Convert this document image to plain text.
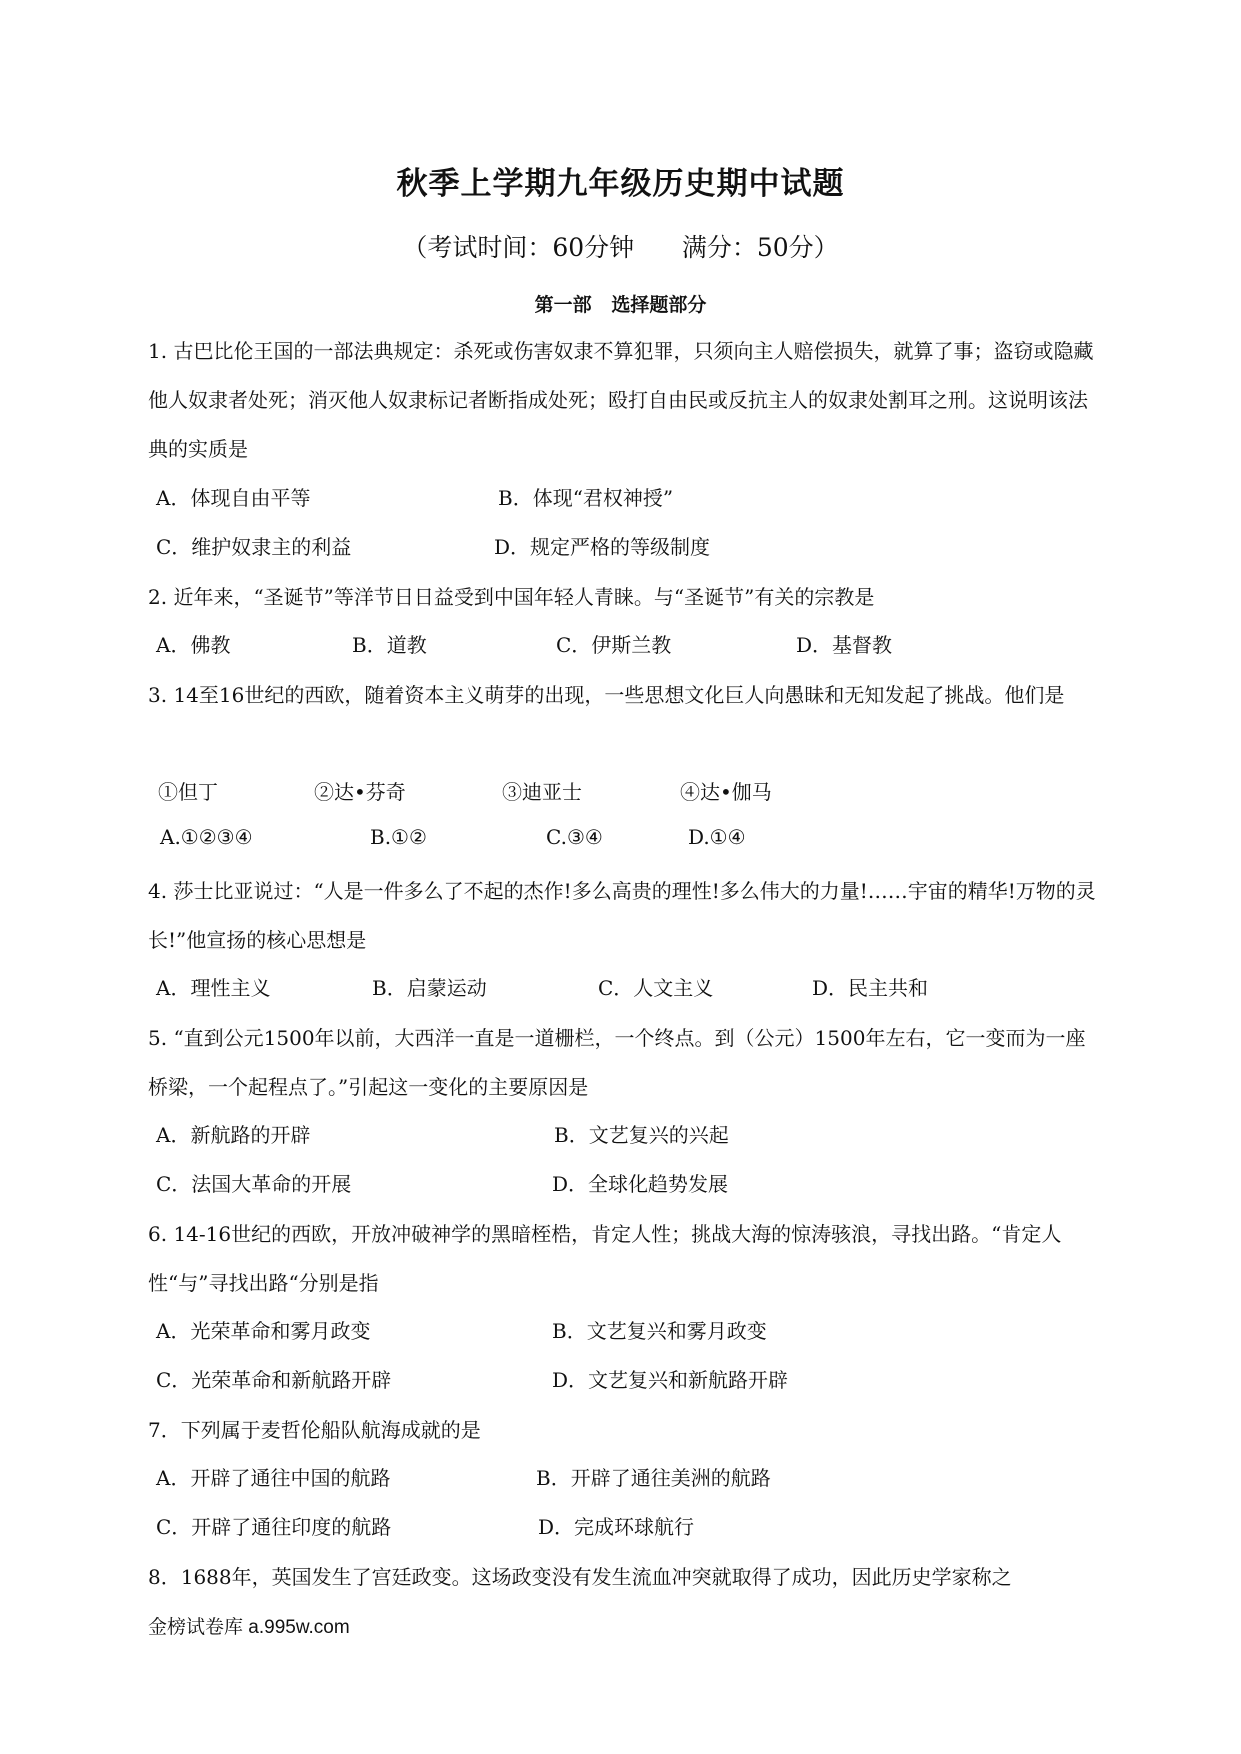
秋季上学期九年级历史期中试题
（考试时间：60分钟      满分：50分）
第一部   选择题部分
1. 古巴比伦王国的一部法典规定：杀死或伤害奴隶不算犯罪，只须向主人赔偿损失，就算了事；盗窃或隐藏他人奴隶者处死；消灭他人奴隶标记者断指成处死；殴打自由民或反抗主人的奴隶处割耳之刑。这说明该法典的实质是
A．体现自由平等	B．体现“君权神授”
C．维护奴隶主的利益	D．规定严格的等级制度
2. 近年来，“圣诞节”等洋节日日益受到中国年轻人青睐。与“圣诞节”有关的宗教是
A．佛教	B．道教	C．伊斯兰教	D．基督教
3. 14至16世纪的西欧，随着资本主义萌芽的出现，一些思想文化巨人向愚昧和无知发起了挑战。他们是
①但丁	②达•芬奇	③迪亚士	④达•伽马
A.①②③④	B.①②	C.③④	D.①④
4. 莎士比亚说过：“人是一件多么了不起的杰作!多么高贵的理性!多么伟大的力量!……宇宙的精华!万物的灵长!”他宣扬的核心思想是
A．理性主义	B．启蒙运动	C．人文主义	D．民主共和
5. “直到公元1500年以前，大西洋一直是一道栅栏，一个终点。到（公元）1500年左右，它一变而为一座桥梁，一个起程点了。”引起这一变化的主要原因是
A．新航路的开辟	B．文艺复兴的兴起
C．法国大革命的开展	D．全球化趋势发展
6. 14-16世纪的西欧，开放冲破神学的黑暗桎梏，肯定人性；挑战大海的惊涛骇浪，寻找出路。“肯定人性“与”寻找出路“分别是指
A．光荣革命和雾月政变	B．文艺复兴和雾月政变
C．光荣革命和新航路开辟	D．文艺复兴和新航路开辟
7．下列属于麦哲伦船队航海成就的是
A．开辟了通往中国的航路	B．开辟了通往美洲的航路
C．开辟了通往印度的航路	D．完成环球航行
8．1688年，英国发生了宫廷政变。这场政变没有发生流血冲突就取得了成功，因此历史学家称之
金榜试卷库 a.995w.com
